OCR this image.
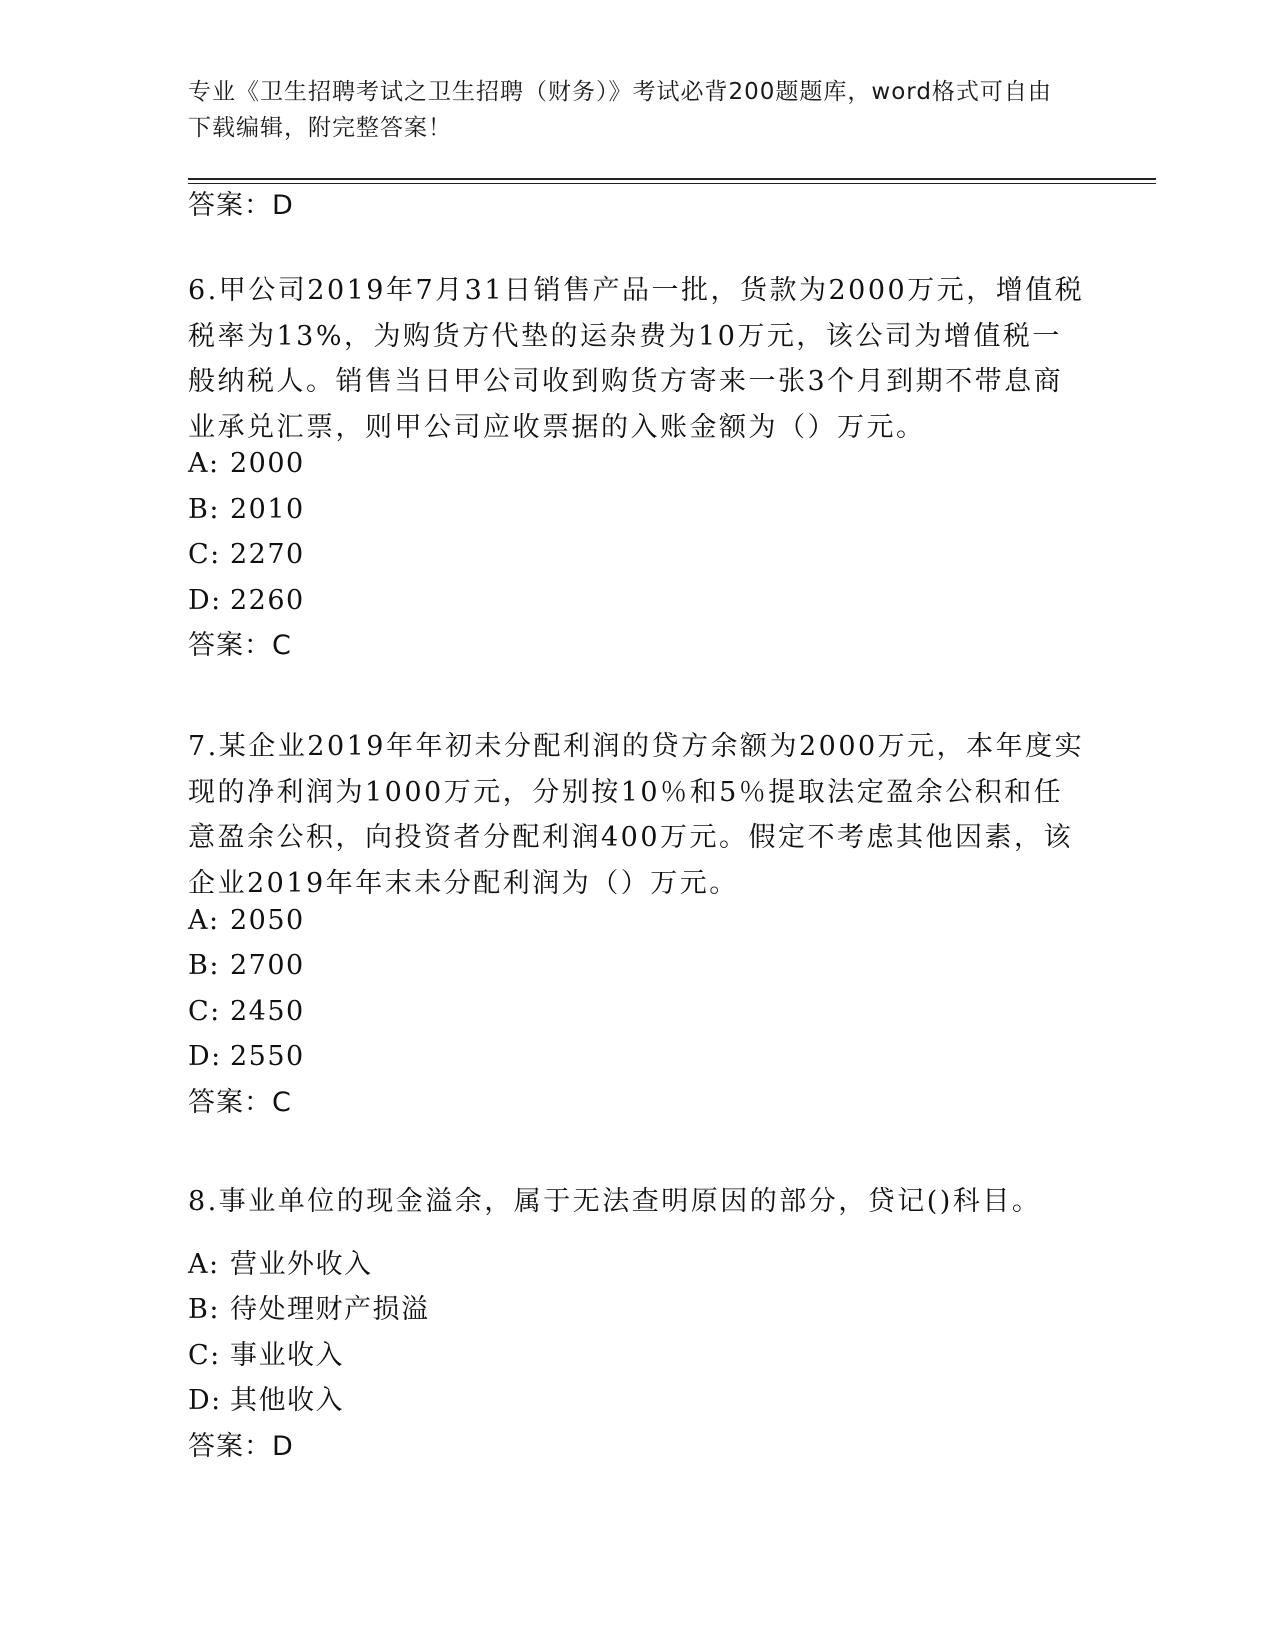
专业《卫生招聘考试之卫生招聘（财务）》考试必背200题题库，word格式可自由下载编辑，附完整答案！
答案：D
6.甲公司2019年7月31日销售产品一批，货款为2000万元，增值税税率为13%，为购货方代垫的运杂费为10万元，该公司为增值税一般纳税人。销售当日甲公司收到购货方寄来一张3个月到期不带息商业承兑汇票，则甲公司应收票据的入账金额为（）万元。
A: 2000
B: 2010
C: 2270
D: 2260
答案：C
7.某企业2019年年初未分配利润的贷方余额为2000万元，本年度实现的净利润为1000万元，分别按10％和5％提取法定盈余公积和任意盈余公积，向投资者分配利润400万元。假定不考虑其他因素，该企业2019年年末未分配利润为（）万元。
A: 2050
B: 2700
C: 2450
D: 2550
答案：C
8.事业单位的现金溢余，属于无法查明原因的部分，贷记()科目。
A: 营业外收入
B: 待处理财产损溢
C: 事业收入
D: 其他收入
答案：D
